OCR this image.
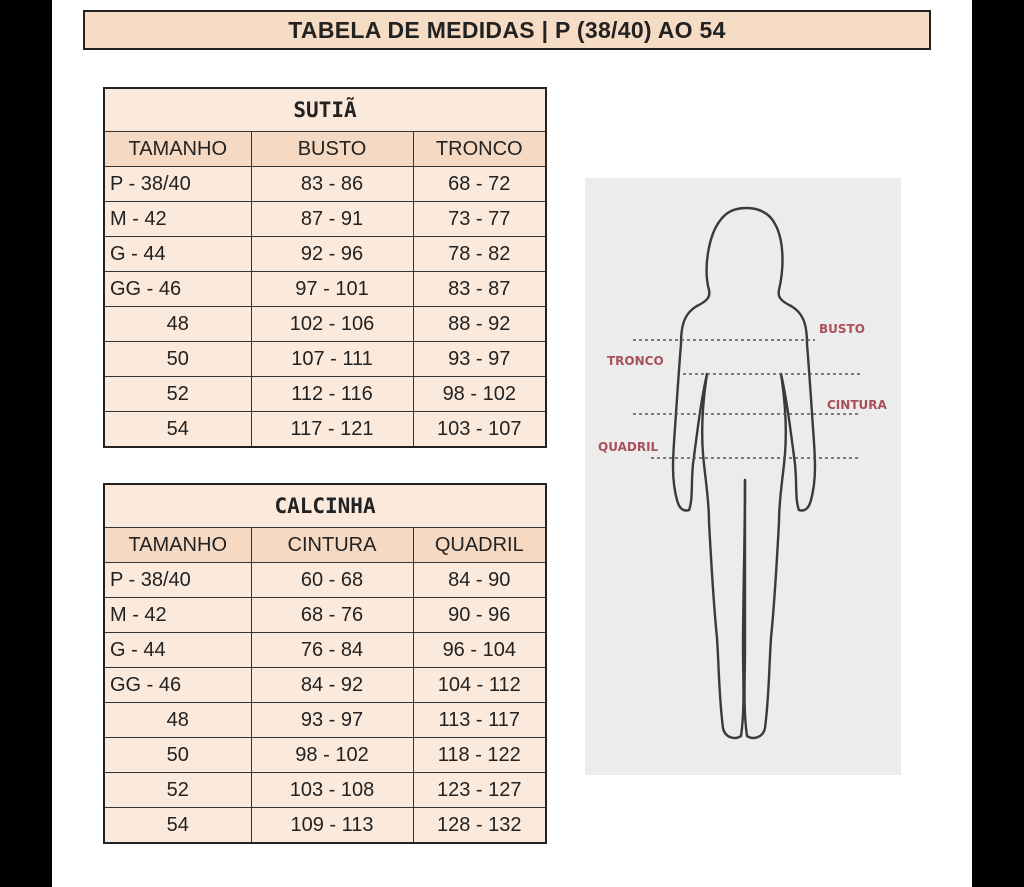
TABELA DE MEDIDAS | P (38/40) AO 54
SUTIÃ		
TAMANHO	BUSTO	TRONCO
P - 38/40	83 - 86	68 - 72
M - 42	87 - 91	73 - 77
G - 44	92 - 96	78 - 82
GG - 46	97 - 101	83 - 87
48	102 - 106	88 - 92
50	107 - 111	93 - 97
52	112 - 116	98 - 102
54	117 - 121	103 - 107
CALCINHA		
TAMANHO	CINTURA	QUADRIL
P - 38/40	60 - 68	84 - 90
M - 42	68 - 76	90 - 96
G - 44	76 - 84	96 - 104
GG - 46	84 - 92	104 - 112
48	93 - 97	113 - 117
50	98 - 102	118 - 122
52	103 - 108	123 - 127
54	109 - 113	128 - 132
BUSTO
TRONCO
CINTURA
QUADRIL
